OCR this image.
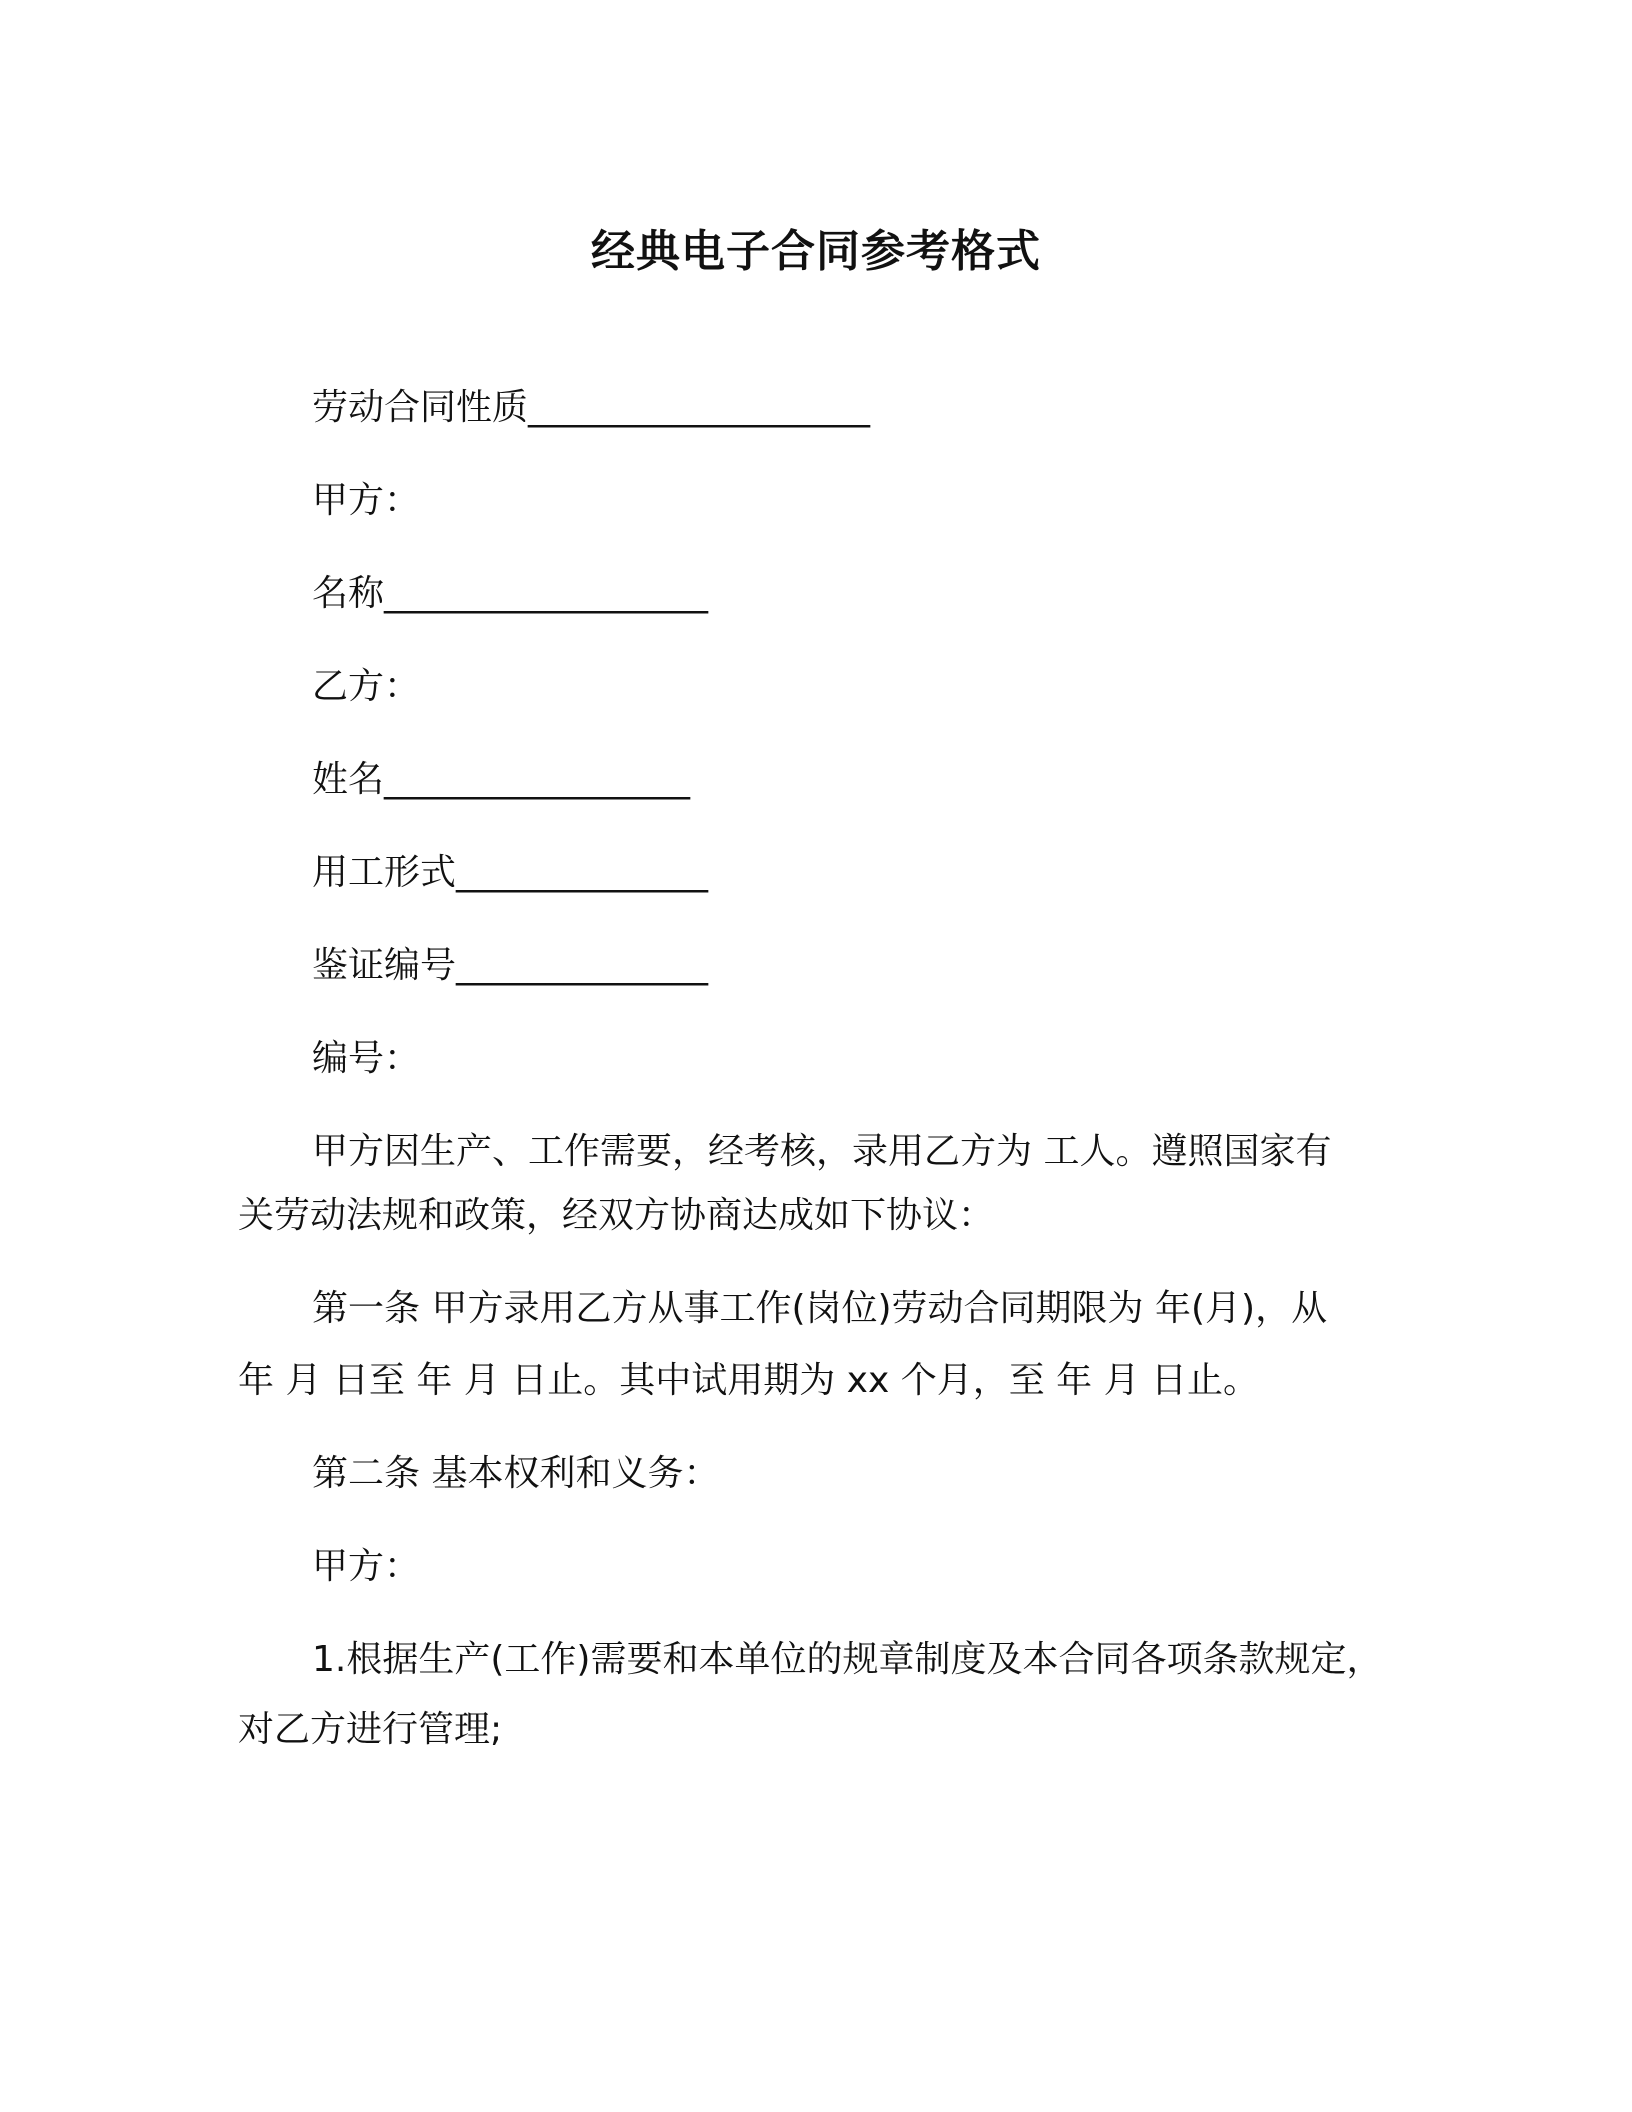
经典电子合同参考格式
劳动合同性质___________________
甲方：
名称__________________
乙方：
姓名_________________
用工形式______________
鉴证编号______________
编号：
甲方因生产、工作需要，经考核，录用乙方为 工人。遵照国家有
关劳动法规和政策，经双方协商达成如下协议：
第一条 甲方录用乙方从事工作(岗位)劳动合同期限为 年(月)，从
年 月 日至 年 月 日止。其中试用期为 xx 个月，至 年 月 日止。
第二条 基本权利和义务：
甲方：
1.根据生产(工作)需要和本单位的规章制度及本合同各项条款规定，
对乙方进行管理;
